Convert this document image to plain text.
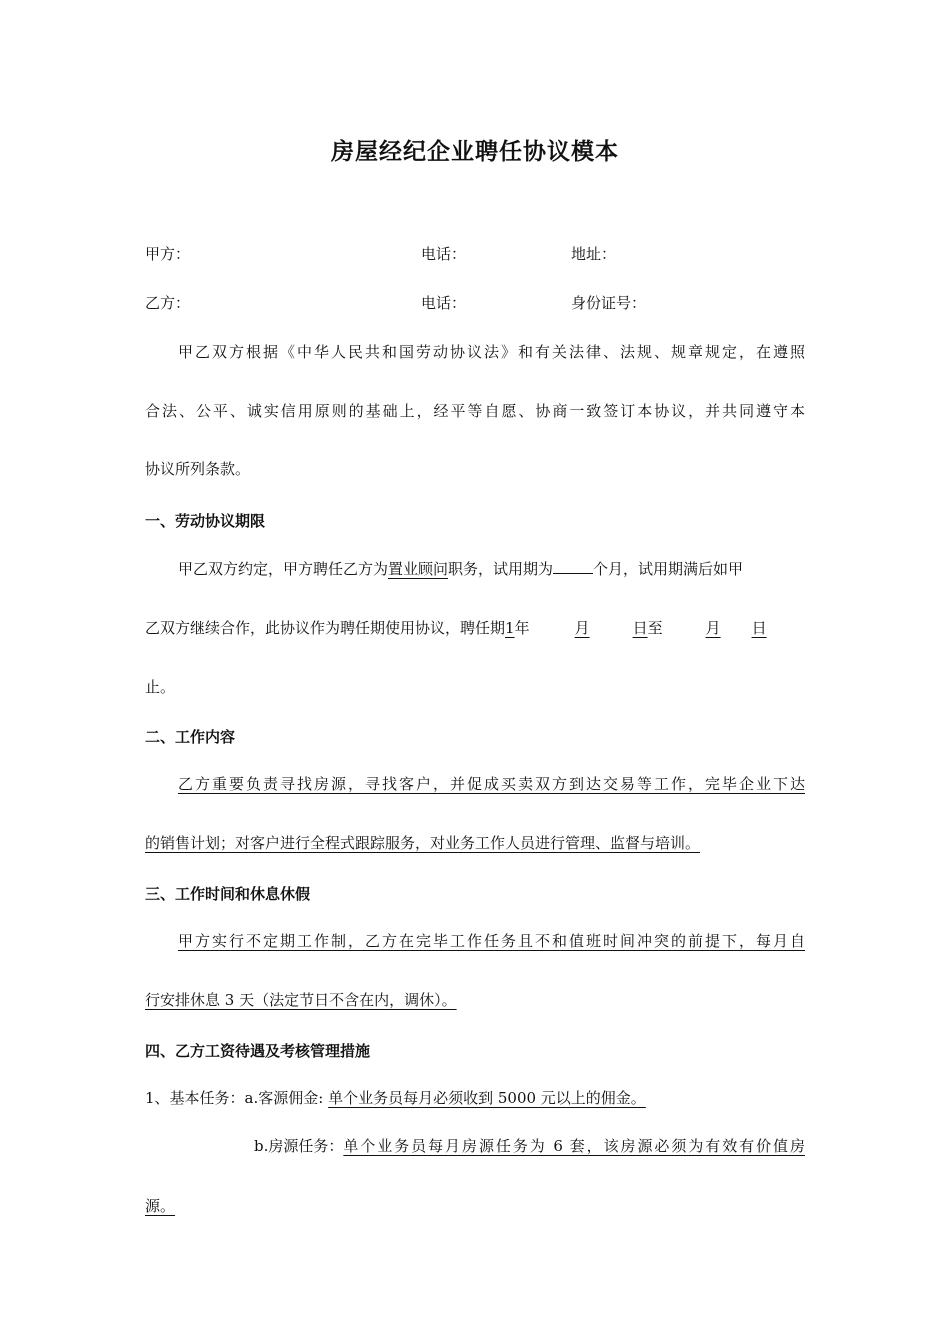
房屋经纪企业聘任协议模本
甲方：	电话：	地址：
乙方：	电话：	身份证号：
甲乙双方根据《中华人民共和国劳动协议法》和有关法律、法规、规章规定，在遵照
合法、公平、诚实信用原则的基础上，经平等自愿、协商一致签订本协议，并共同遵守本
协议所列条款。
一、劳动协议期限
甲乙双方约定，甲方聘任乙方为置业顾问职务，试用期为	个月，试用期满后如甲
乙双方继续合作，此协议作为聘任期使用协议，聘任期1年	月	日至	月 日
止。
二、工作内容
乙方重要负责寻找房源，寻找客户，并促成买卖双方到达交易等工作，完毕企业下达
的销售计划；对客户进行全程式跟踪服务，对业务工作人员进行管理、监督与培训。
三、工作时间和休息休假
甲方实行不定期工作制，乙方在完毕工作任务且不和值班时间冲突的前提下，每月自
行安排休息 3 天（法定节日不含在内，调休）。
四、乙方工资待遇及考核管理措施
1、基本任务：a.客源佣金: 单个业务员每月必须收到 5000 元以上的佣金。
b.房源任务： 单个业务员每月房源任务为 6 套，该房源必须为有效有价值房
源。
